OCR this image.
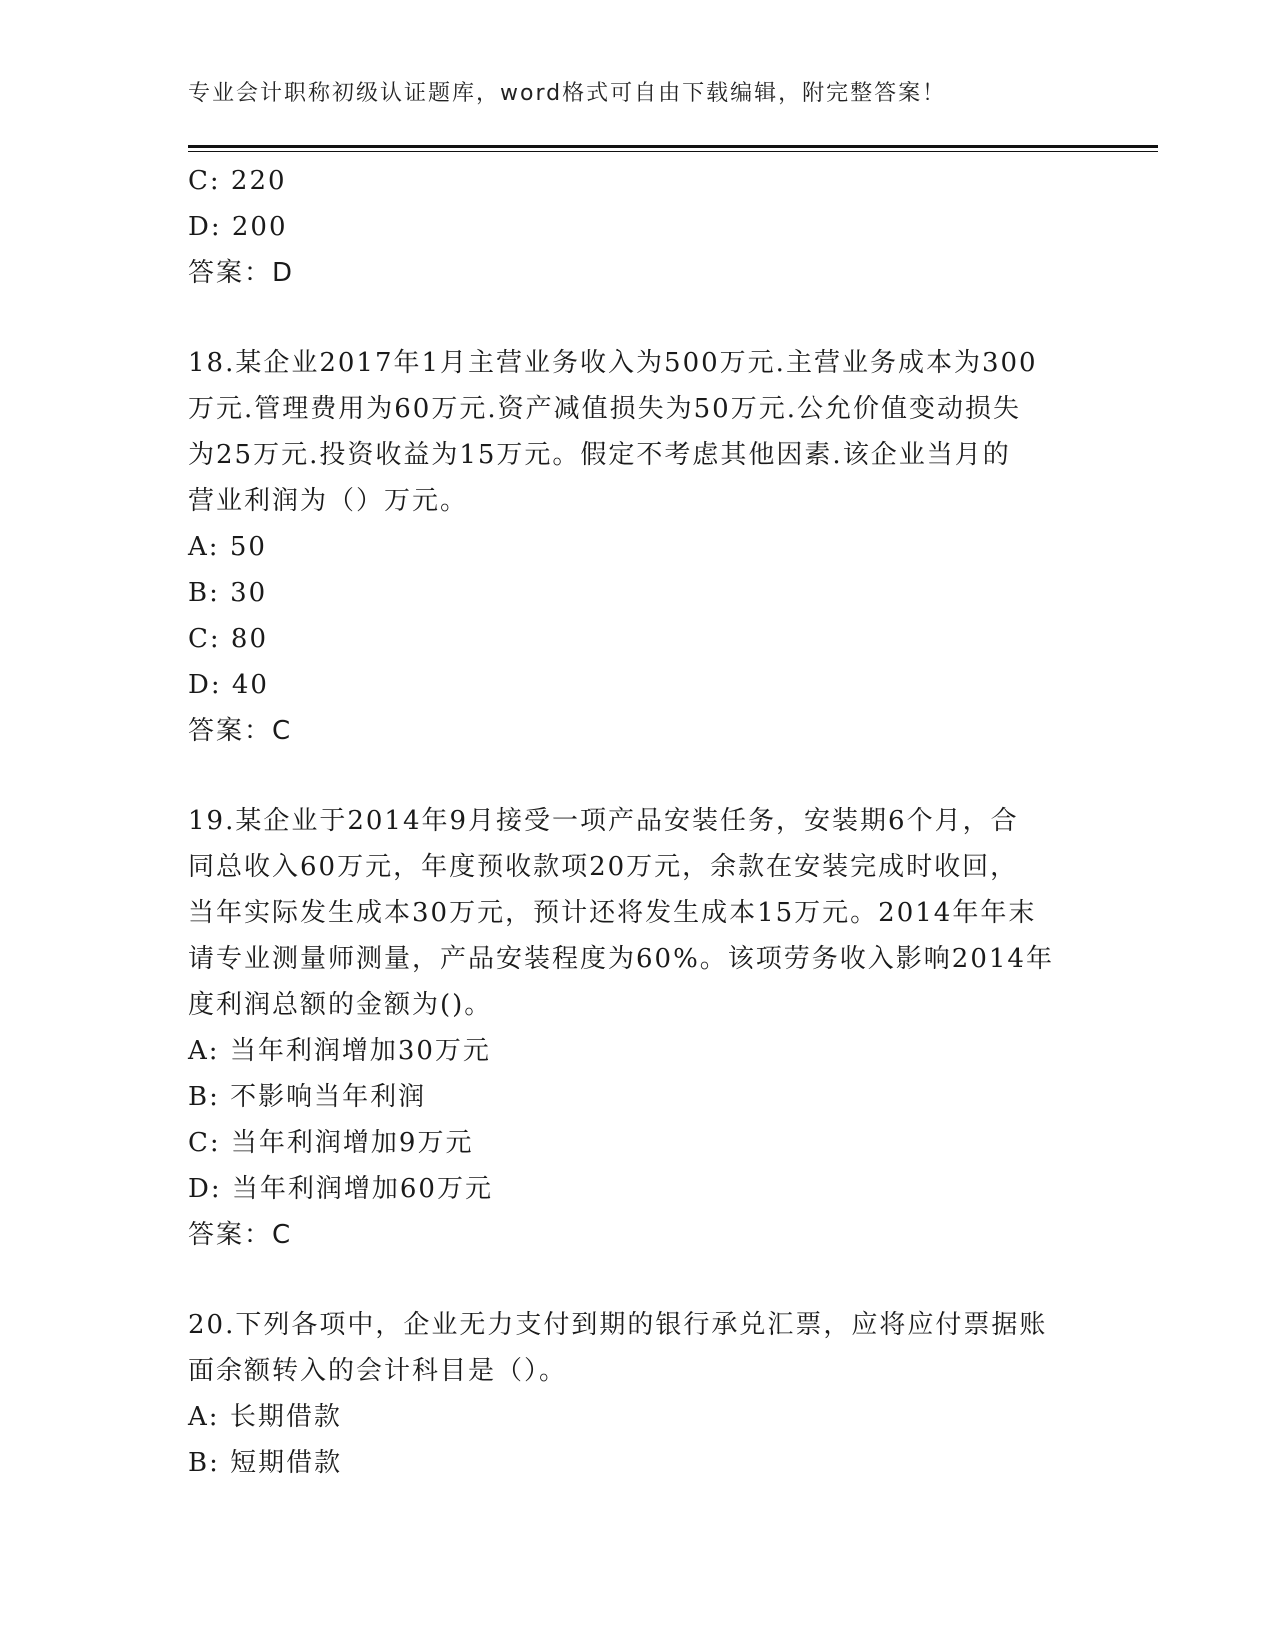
专业会计职称初级认证题库，word格式可自由下载编辑，附完整答案！
C: 220
D: 200
答案：D
18.某企业2017年1月主营业务收入为500万元.主营业务成本为300
万元.管理费用为60万元.资产减值损失为50万元.公允价值变动损失
为25万元.投资收益为15万元。假定不考虑其他因素.该企业当月的
营业利润为（）万元。
A: 50
B: 30
C: 80
D: 40
答案：C
19.某企业于2014年9月接受一项产品安装任务，安装期6个月，合
同总收入60万元，年度预收款项20万元，余款在安装完成时收回，
当年实际发生成本30万元，预计还将发生成本15万元。2014年年末
请专业测量师测量，产品安装程度为60%。该项劳务收入影响2014年
度利润总额的金额为()。
A: 当年利润增加30万元
B: 不影响当年利润
C: 当年利润增加9万元
D: 当年利润增加60万元
答案：C
20.下列各项中，企业无力支付到期的银行承兑汇票，应将应付票据账
面余额转入的会计科目是（）。
A: 长期借款
B: 短期借款
